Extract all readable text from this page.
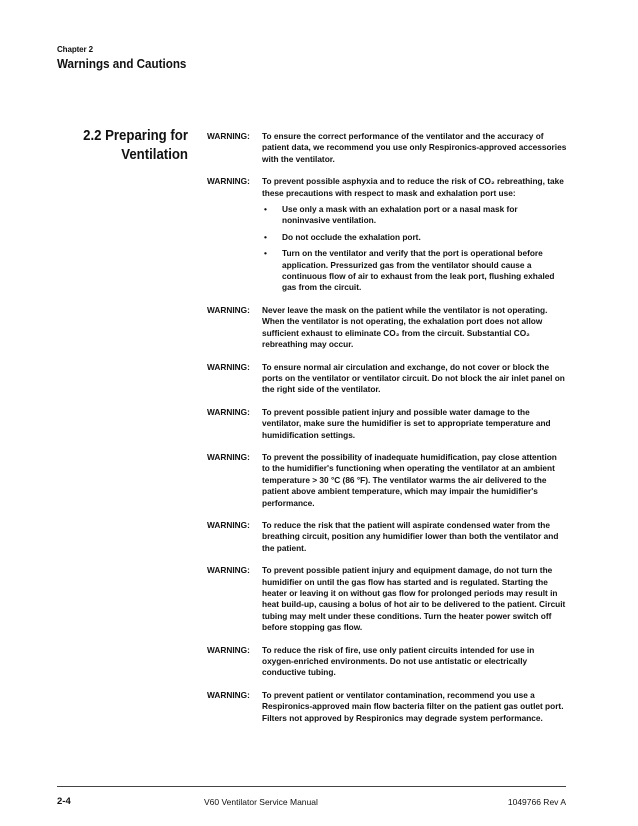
Chapter 2
Warnings and Cautions
2.2 Preparing for
Ventilation
WARNING: To ensure the correct performance of the ventilator and the accuracy of patient data, we recommend you use only Respironics-approved accessories with the ventilator.
WARNING: To prevent possible asphyxia and to reduce the risk of CO₂ rebreathing, take these precautions with respect to mask and exhalation port use:
• Use only a mask with an exhalation port or a nasal mask for noninvasive ventilation.
• Do not occlude the exhalation port.
• Turn on the ventilator and verify that the port is operational before application. Pressurized gas from the ventilator should cause a continuous flow of air to exhaust from the leak port, flushing exhaled gas from the circuit.
WARNING: Never leave the mask on the patient while the ventilator is not operating. When the ventilator is not operating, the exhalation port does not allow sufficient exhaust to eliminate CO₂ from the circuit. Substantial CO₂ rebreathing may occur.
WARNING: To ensure normal air circulation and exchange, do not cover or block the ports on the ventilator or ventilator circuit. Do not block the air inlet panel on the right side of the ventilator.
WARNING: To prevent possible patient injury and possible water damage to the ventilator, make sure the humidifier is set to appropriate temperature and humidification settings.
WARNING: To prevent the possibility of inadequate humidification, pay close attention to the humidifier's functioning when operating the ventilator at an ambient temperature > 30 °C (86 °F). The ventilator warms the air delivered to the patient above ambient temperature, which may impair the humidifier's performance.
WARNING: To reduce the risk that the patient will aspirate condensed water from the breathing circuit, position any humidifier lower than both the ventilator and the patient.
WARNING: To prevent possible patient injury and equipment damage, do not turn the humidifier on until the gas flow has started and is regulated. Starting the heater or leaving it on without gas flow for prolonged periods may result in heat build-up, causing a bolus of hot air to be delivered to the patient. Circuit tubing may melt under these conditions. Turn the heater power switch off before stopping gas flow.
WARNING: To reduce the risk of fire, use only patient circuits intended for use in oxygen-enriched environments. Do not use antistatic or electrically conductive tubing.
WARNING: To prevent patient or ventilator contamination, recommend you use a Respironics-approved main flow bacteria filter on the patient gas outlet port. Filters not approved by Respironics may degrade system performance.
2-4	V60 Ventilator Service Manual	1049766 Rev A
